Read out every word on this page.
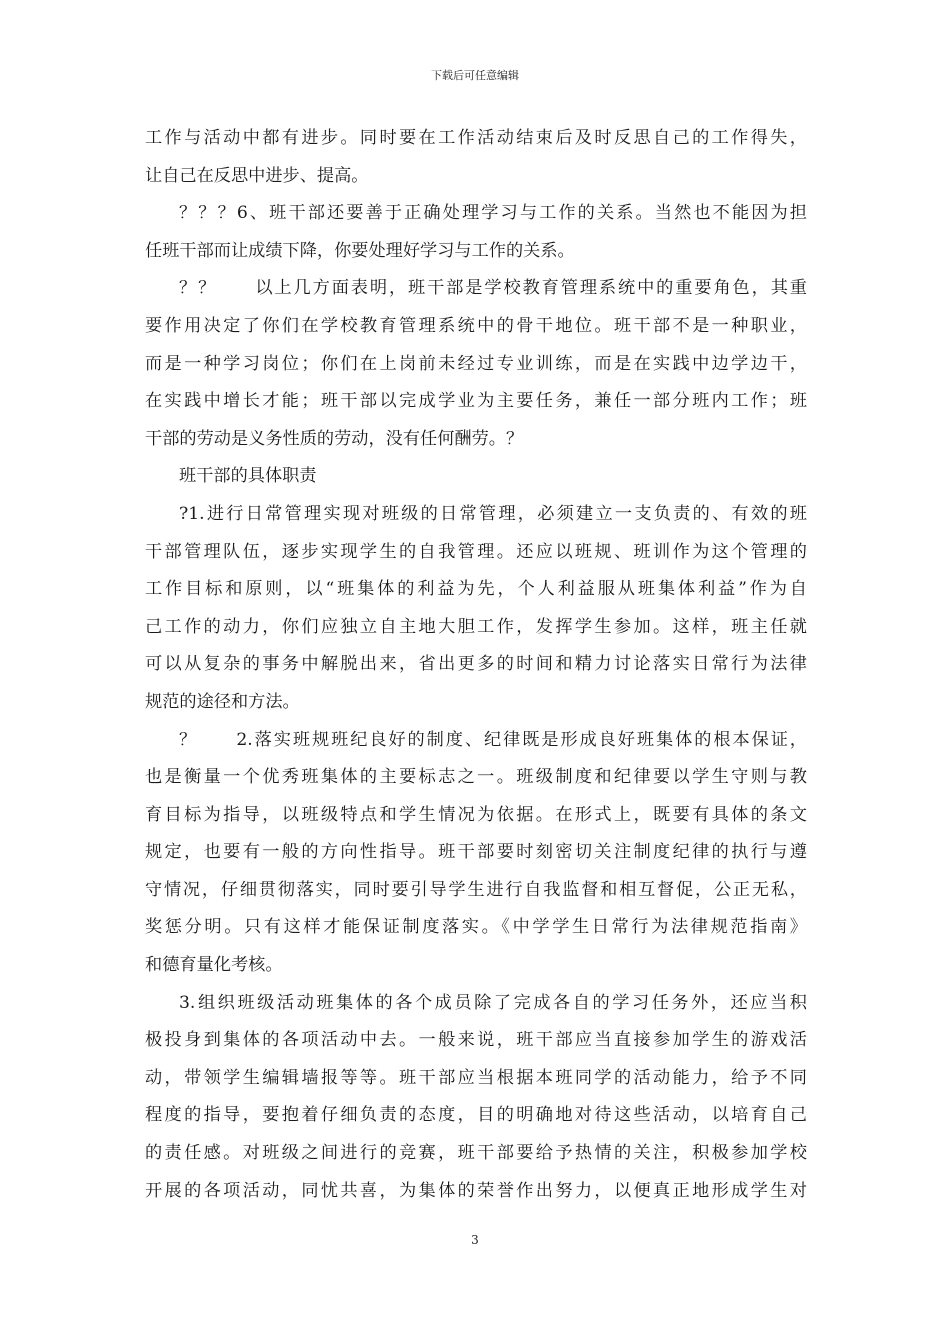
下载后可任意编辑
工作与活动中都有进步。同时要在工作活动结束后及时反思自己的工作得失，
让自己在反思中进步、提高。
？？？6、班干部还要善于正确处理学习与工作的关系。当然也不能因为担
任班干部而让成绩下降，你要处理好学习与工作的关系。
？？　　以上几方面表明，班干部是学校教育管理系统中的重要角色，其重
要作用决定了你们在学校教育管理系统中的骨干地位。班干部不是一种职业，
而是一种学习岗位；你们在上岗前未经过专业训练，而是在实践中边学边干，
在实践中增长才能；班干部以完成学业为主要任务，兼任一部分班内工作；班
干部的劳动是义务性质的劳动，没有任何酬劳。？
班干部的具体职责
?1.进行日常管理实现对班级的日常管理，必须建立一支负责的、有效的班
干部管理队伍，逐步实现学生的自我管理。还应以班规、班训作为这个管理的
工作目标和原则，以“班集体的利益为先，个人利益服从班集体利益”作为自
己工作的动力，你们应独立自主地大胆工作，发挥学生参加。这样，班主任就
可以从复杂的事务中解脱出来，省出更多的时间和精力讨论落实日常行为法律
规范的途径和方法。
？　　2.落实班规班纪良好的制度、纪律既是形成良好班集体的根本保证，
也是衡量一个优秀班集体的主要标志之一。班级制度和纪律要以学生守则与教
育目标为指导，以班级特点和学生情况为依据。在形式上，既要有具体的条文
规定，也要有一般的方向性指导。班干部要时刻密切关注制度纪律的执行与遵
守情况，仔细贯彻落实，同时要引导学生进行自我监督和相互督促，公正无私，
奖惩分明。只有这样才能保证制度落实。《中学学生日常行为法律规范指南》
和德育量化考核。
3.组织班级活动班集体的各个成员除了完成各自的学习任务外，还应当积
极投身到集体的各项活动中去。一般来说，班干部应当直接参加学生的游戏活
动，带领学生编辑墙报等等。班干部应当根据本班同学的活动能力，给予不同
程度的指导，要抱着仔细负责的态度，目的明确地对待这些活动，以培育自己
的责任感。对班级之间进行的竞赛，班干部要给予热情的关注，积极参加学校
开展的各项活动，同忧共喜，为集体的荣誉作出努力，以便真正地形成学生对
3
